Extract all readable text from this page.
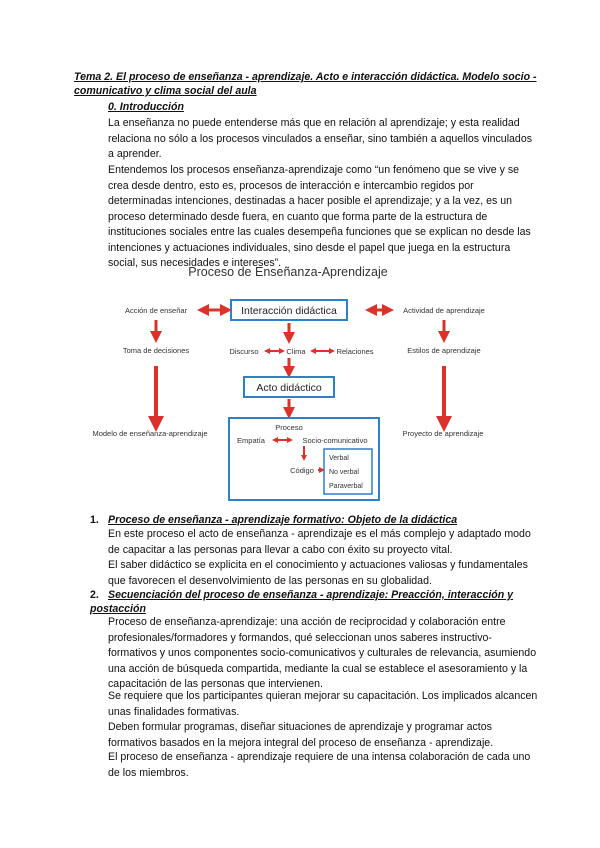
Tema 2. El proceso de enseñanza - aprendizaje. Acto e interacción didáctica. Modelo socio -comunicativo y clima social del aula
0. Introducción

La enseñanza no puede entenderse más que en relación al aprendizaje; y esta realidad relaciona no sólo a los procesos vinculados a enseñar, sino también a aquellos vinculados a aprender.

Entendemos los procesos enseñanza-aprendizaje como “un fenómeno que se vive y se crea desde dentro, esto es, procesos de interacción e intercambio regidos por determinadas intenciones, destinadas a hacer posible el aprendizaje; y a la vez, es un proceso determinado desde fuera, en cuanto que forma parte de la estructura de instituciones sociales entre las cuales desempeña funciones que se explican no desde las intenciones y actuaciones individuales, sino desde el papel que juega en la estructura social, sus necesidades e intereses”.

Proceso de Enseñanza-Aprendizaje
Acción de enseñar	Interacción didáctica	Actividad de aprendizaje
Toma de decisiones	Discurso	Clima	Relaciones	Estilos de aprendizaje
Acto didáctico
Modelo de enseñanza-aprendizaje	Proyecto de aprendizaje
Proceso
Empatía	Socio-comunicativo
Código
Verbal
No verbal
Paraverbal
1. Proceso de enseñanza - aprendizaje formativo: Objeto de la didáctica

En este proceso el acto de enseñanza - aprendizaje es el más complejo y adaptado modo de capacitar a las personas para llevar a cabo con éxito su proyecto vital.

El saber didáctico se explicita en el conocimiento y actuaciones valiosas y fundamentales que favorecen el desenvolvimiento de las personas en su globalidad.

2. Secuenciación del proceso de enseñanza - aprendizaje: Preacción, interacción y postacción

Proceso de enseñanza-aprendizaje: una acción de reciprocidad y colaboración entre profesionales/formadores y formandos, qué seleccionan unos saberes instructivo-formativos y unos componentes socio-comunicativos y culturales de relevancia, asumiendo una acción de búsqueda compartida, mediante la cual se establece el asesoramiento y la capacitación de las personas que intervienen.

Se requiere que los participantes quieran mejorar su capacitación. Los implicados alcancen unas finalidades formativas.

Deben formular programas, diseñar situaciones de aprendizaje y programar actos formativos basados en la mejora integral del proceso de enseñanza - aprendizaje.

El proceso de enseñanza - aprendizaje requiere de una intensa colaboración de cada uno de los miembros.
